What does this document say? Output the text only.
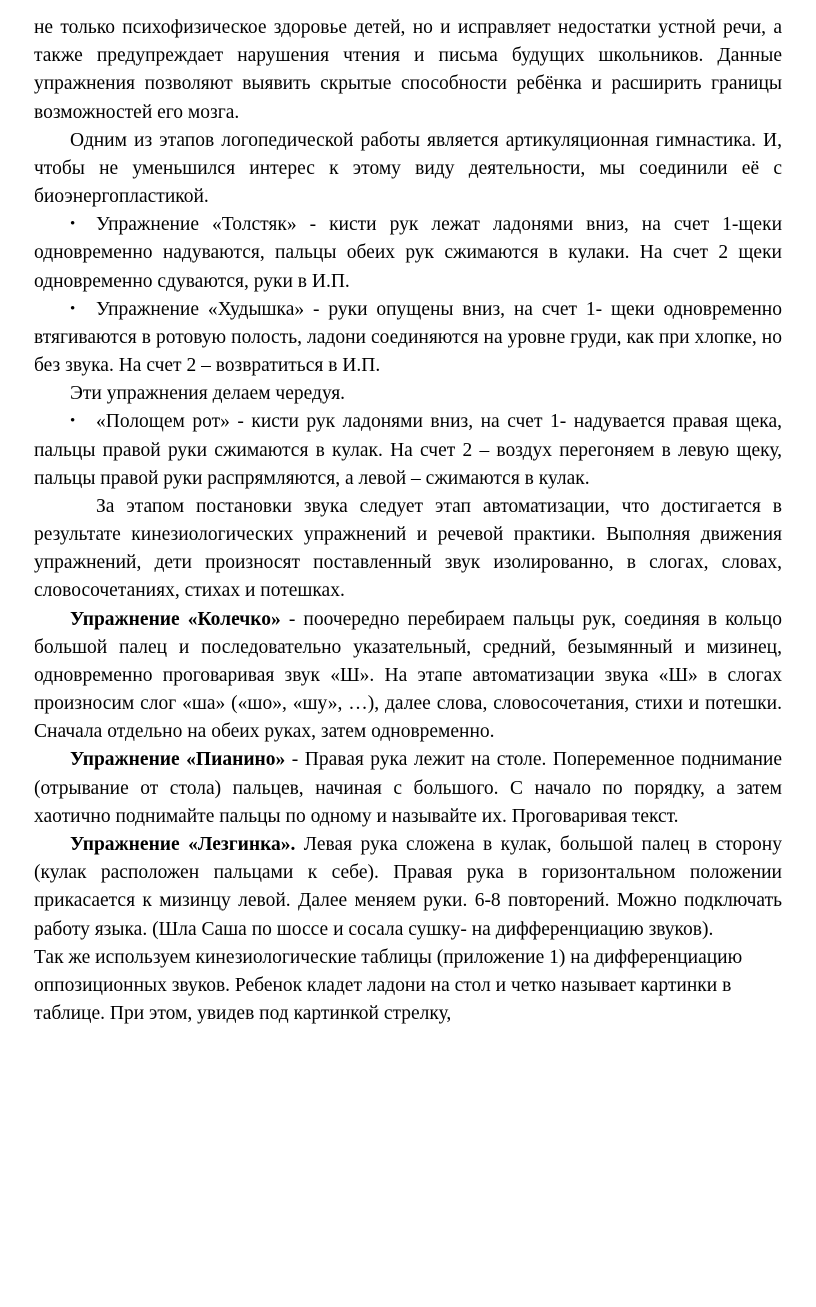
не только психофизическое здоровье детей, но и исправляет недостатки устной речи, а также предупреждает нарушения чтения и письма будущих школьников. Данные упражнения позволяют выявить скрытые способности ребёнка и расширить границы возможностей его мозга.

Одним из этапов логопедической работы является артикуляционная гимнастика. И, чтобы не уменьшился интерес к этому виду деятельности, мы соединили её с биоэнергопластикой.

•Упражнение «Толстяк» - кисти рук лежат ладонями вниз, на счет 1-щеки одновременно надуваются, пальцы обеих рук сжимаются в кулаки. На счет 2 щеки одновременно сдуваются, руки в И.П.

•Упражнение «Худышка» - руки опущены вниз, на счет 1- щеки одновременно втягиваются в ротовую полость, ладони соединяются на уровне груди, как при хлопке, но без звука. На счет 2 – возвратиться в И.П.

Эти упражнения делаем чередуя.

•«Полощем рот» - кисти рук ладонями вниз, на счет 1- надувается правая щека, пальцы правой руки сжимаются в кулак. На счет 2 – воздух перегоняем в левую щеку, пальцы правой руки распрямляются, а левой – сжимаются в кулак.

За этапом постановки звука следует этап автоматизации, что достигается в результате кинезиологических упражнений и речевой практики. Выполняя движения упражнений, дети произносят поставленный звук изолированно, в слогах, словах, словосочетаниях, стихах и потешках.

Упражнение «Колечко» - поочередно перебираем пальцы рук, соединяя в кольцо большой палец и последовательно указательный, средний, безымянный и мизинец, одновременно проговаривая звук «Ш». На этапе автоматизации звука «Ш» в слогах произносим слог «ша» («шо», «шу», …), далее слова, словосочетания, стихи и потешки. Сначала отдельно на обеих руках, затем одновременно.

Упражнение «Пианино» - Правая рука лежит на столе. Попеременное поднимание (отрывание от стола) пальцев, начиная с большого. С начало по порядку, а затем хаотично поднимайте пальцы по одному и называйте их. Проговаривая текст.

Упражнение «Лезгинка». Левая рука сложена в кулак, большой палец в сторону (кулак расположен пальцами к себе). Правая рука в горизонтальном положении прикасается к мизинцу левой. Далее меняем руки. 6-8 повторений. Можно подключать работу языка. (Шла Саша по шоссе и сосала сушку- на дифференциацию звуков).

Так же используем кинезиологические таблицы (приложение 1) на дифференциацию оппозиционных звуков. Ребенок кладет ладони на стол и четко называет картинки в таблице. При этом, увидев под картинкой стрелку,
